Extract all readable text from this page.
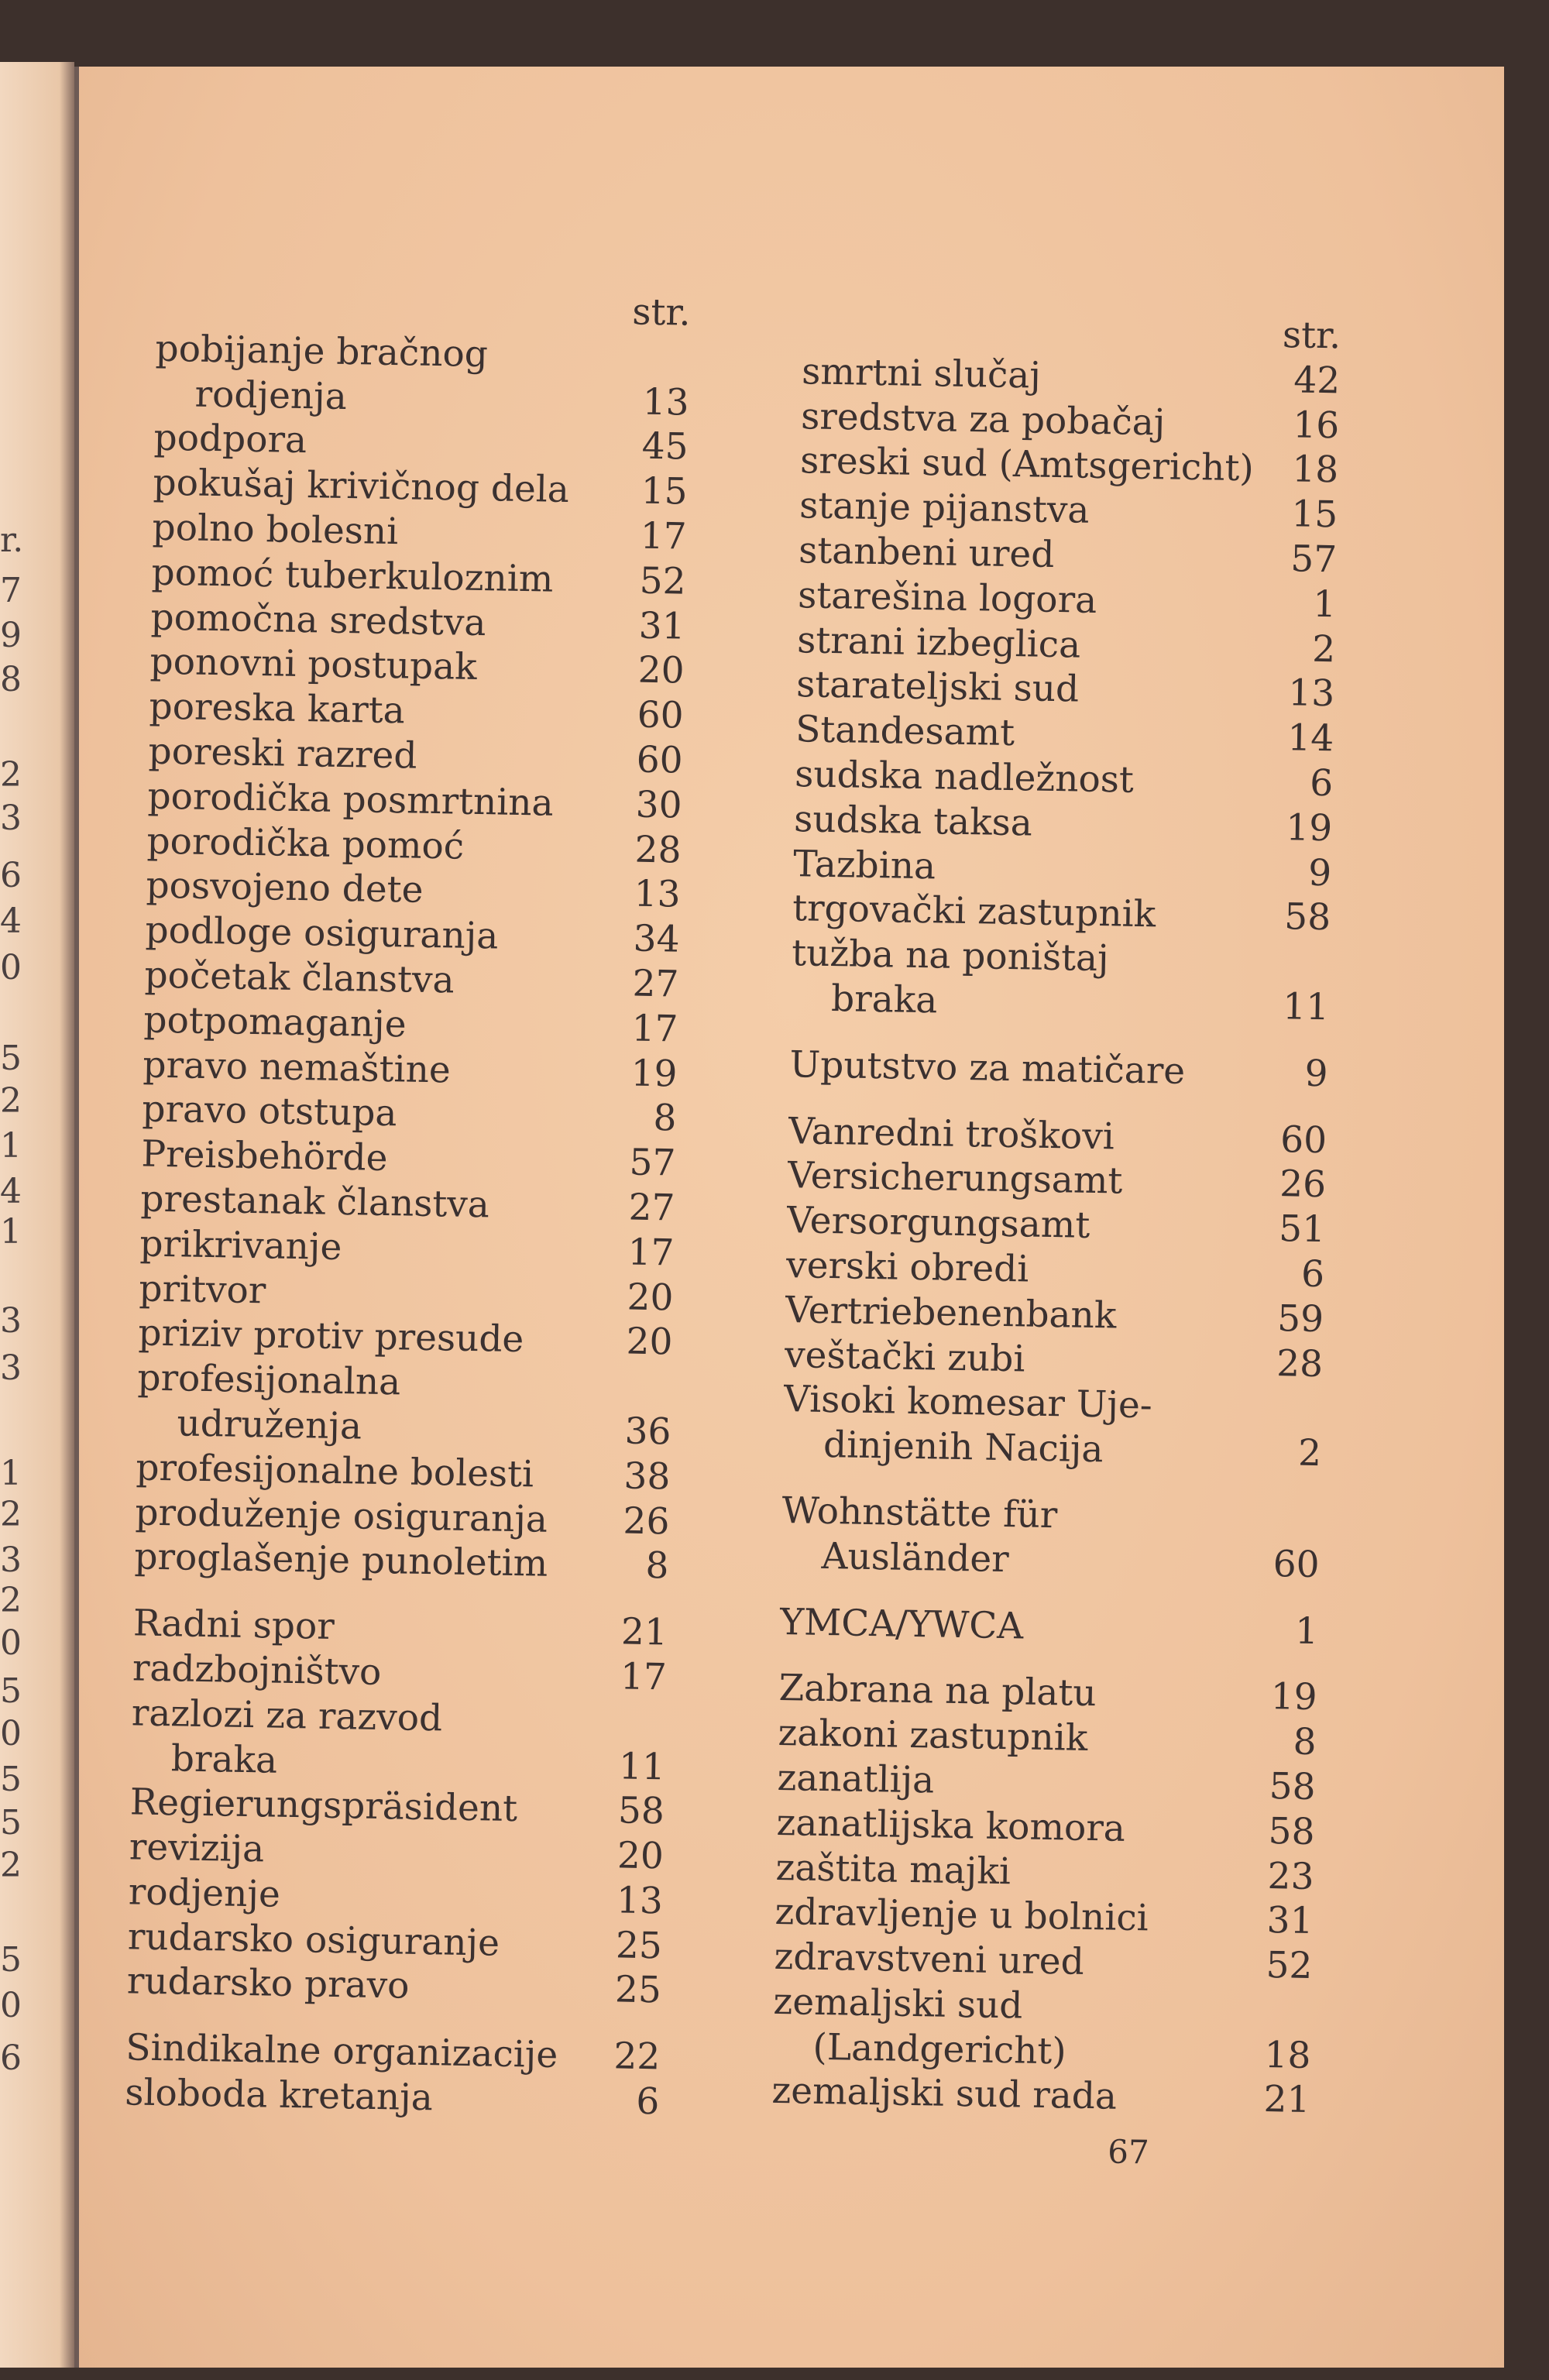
r.
7
9
8
2
3
6
4
0
5
2
1
4
1
3
3
1
2
3
2
0
5
0
5
5
2
5
0
6
str.
pobijanje bračnog
rodjenja	13
podpora	45
pokušaj krivičnog dela	15
polno bolesni	17
pomoć tuberkuloznim	52
pomočna sredstva	31
ponovni postupak	20
poreska karta	60
poreski razred	60
porodička posmrtnina	30
porodička pomoć	28
posvojeno dete	13
podloge osiguranja	34
početak članstva	27
potpomaganje	17
pravo nemaštine	19
pravo otstupa	8
Preisbehörde	57
prestanak članstva	27
prikrivanje	17
pritvor	20
priziv protiv presude	20
profesijonalna
udruženja	36
profesijonalne bolesti	38
produženje osiguranja	26
proglašenje punoletim	8
Radni spor	21
radzbojništvo	17
razlozi za razvod
braka	11
Regierungspräsident	58
revizija	20
rodjenje	13
rudarsko osiguranje	25
rudarsko pravo	25
Sindikalne organizacije	22
sloboda kretanja	6
str.
smrtni slučaj	42
sredstva za pobačaj	16
sreski sud (Amtsgericht)	18
stanje pijanstva	15
stanbeni ured	57
starešina logora	1
strani izbeglica	2
starateljski sud	13
Standesamt	14
sudska nadležnost	6
sudska taksa	19
Tazbina	9
trgovački zastupnik	58
tužba na poništaj
braka	11
Uputstvo za matičare	9
Vanredni troškovi	60
Versicherungsamt	26
Versorgungsamt	51
verski obredi	6
Vertriebenenbank	59
veštački zubi	28
Visoki komesar Uje-
dinjenih Nacija	2
Wohnstätte für
Ausländer	60
YMCA/YWCA	1
Zabrana na platu	19
zakoni zastupnik	8
zanatlija	58
zanatlijska komora	58
zaštita majki	23
zdravljenje u bolnici	31
zdravstveni ured	52
zemaljski sud
(Landgericht)	18
zemaljski sud rada	21
67
